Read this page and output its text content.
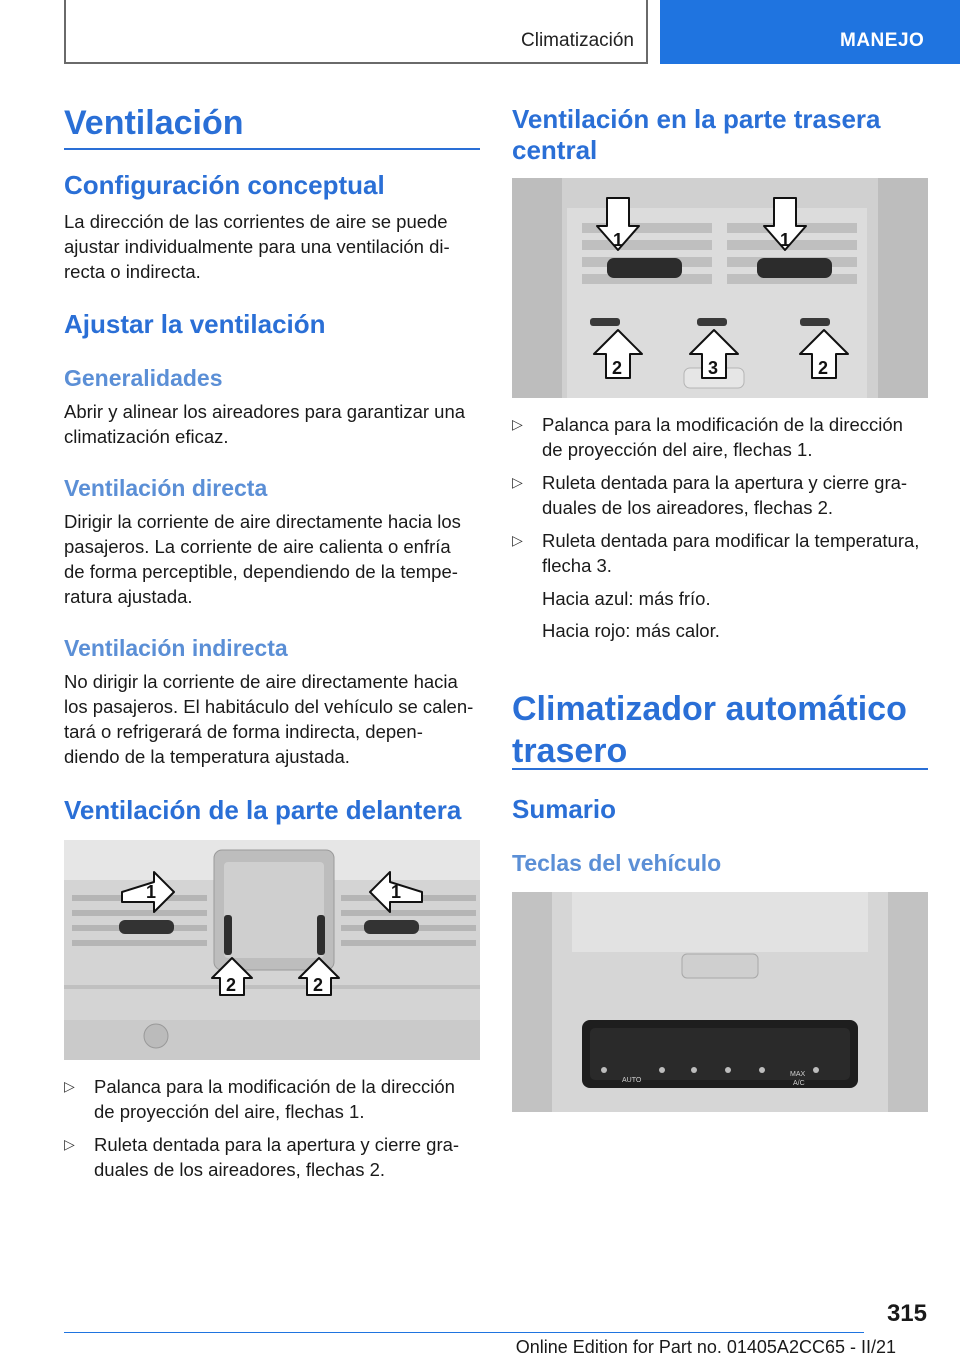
Climatización	MANEJO
Ventilación
Configuración conceptual
La dirección de las corrientes de aire se puede
ajustar individualmente para una ventilación di‐
recta o indirecta.
Ajustar la ventilación
Generalidades
Abrir y alinear los aireadores para garantizar una
climatización eficaz.
Ventilación directa
Dirigir la corriente de aire directamente hacia los
pasajeros. La corriente de aire calienta o enfría
de forma perceptible, dependiendo de la tempe‐
ratura ajustada.
Ventilación indirecta
No dirigir la corriente de aire directamente hacia
los pasajeros. El habitáculo del vehículo se calen‐
tará o refrigerará de forma indirecta, depen‐
diendo de la temperatura ajustada.
Ventilación de la parte delantera
1	1
2	2
▷ Palanca para la modificación de la dirección
de proyección del aire, flechas 1.
▷ Ruleta dentada para la apertura y cierre gra‐
duales de los aireadores, flechas 2.
Ventilación en la parte trasera
central
1	1
2	3	2
▷ Palanca para la modificación de la dirección
de proyección del aire, flechas 1.
▷ Ruleta dentada para la apertura y cierre gra‐
duales de los aireadores, flechas 2.
▷ Ruleta dentada para modificar la temperatura,
flecha 3.
Hacia azul: más frío.
Hacia rojo: más calor.
Climatizador automático
trasero
Sumario
Teclas del vehículo
AUTO
MAX
A/C
315
Online Edition for Part no. 01405A2CC65 - II/21
